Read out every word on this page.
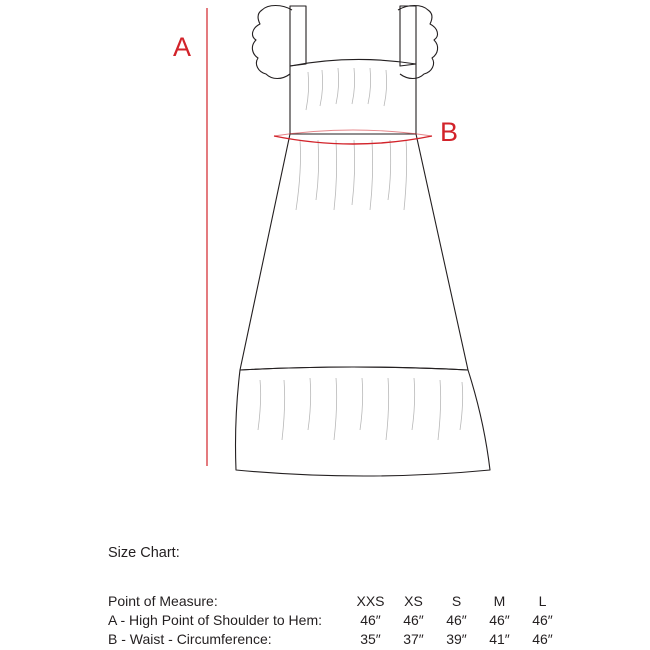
A
B
Size Chart:
Point of Measure:	XXS	XS	S	M	L
A - High Point of Shoulder to Hem:	46″	46″	46″	46″	46″
B - Waist - Circumference:	35″	37″	39″	41″	46″
